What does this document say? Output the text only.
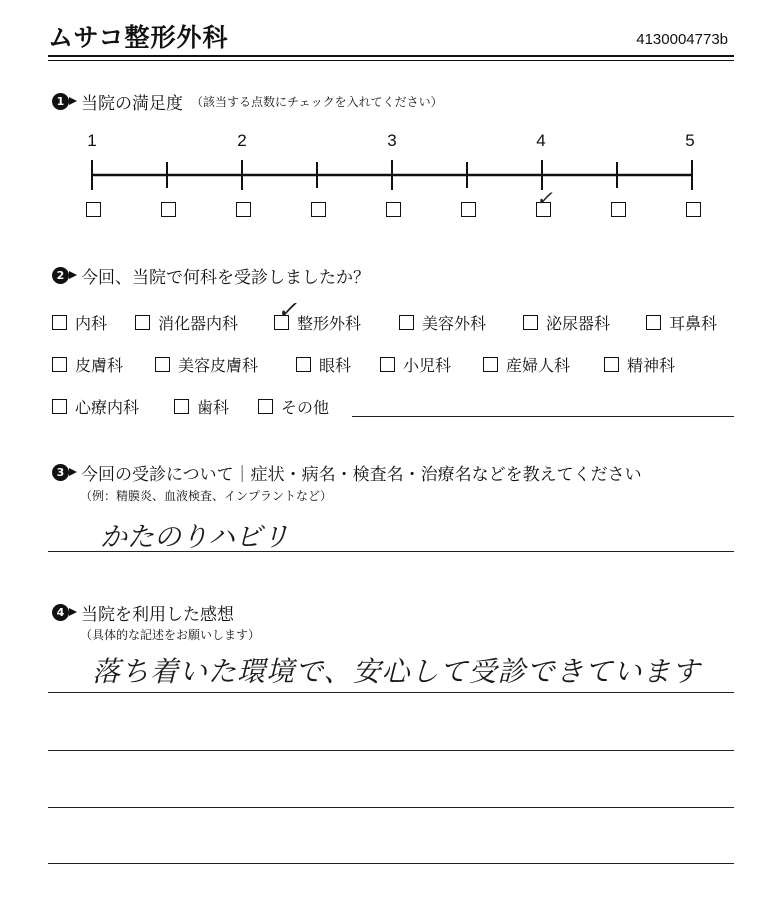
ムサコ整形外科	4130004773b
1 当院の満足度 （該当する点数にチェックを入れてください）
1	2	3	4	5
✓
2 今回、当院で何科を受診しましたか？
内科	消化器内科	整形外科
✓	美容外科	泌尿器科	耳鼻科
皮膚科	美容皮膚科	眼科	小児科	産婦人科	精神科
心療内科	歯科	その他
3 今回の受診について｜症状・病名・検査名・治療名などを教えてください
（例：精膜炎、血液検査、インプラントなど）
かたのりハビリ
4 当院を利用した感想
（具体的な記述をお願いします）
落ち着いた環境で、安心して受診できています
